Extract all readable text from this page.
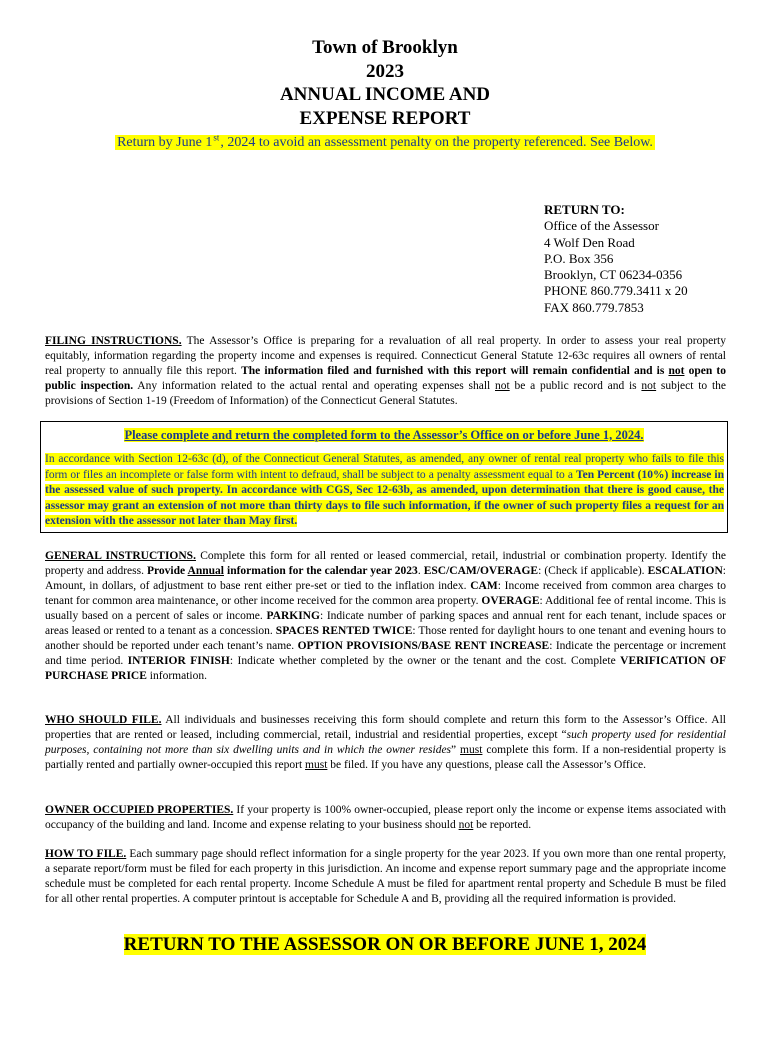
Town of Brooklyn
2023
ANNUAL INCOME AND
EXPENSE REPORT
Return by June 1st, 2024 to avoid an assessment penalty on the property referenced. See Below.
RETURN TO:
Office of the Assessor
4 Wolf Den Road
P.O. Box 356
Brooklyn, CT 06234-0356
PHONE 860.779.3411 x 20
FAX 860.779.7853
FILING INSTRUCTIONS. The Assessor’s Office is preparing for a revaluation of all real property. In order to assess your real property equitably, information regarding the property income and expenses is required. Connecticut General Statute 12-63c requires all owners of rental real property to annually file this report. The information filed and furnished with this report will remain confidential and is not open to public inspection. Any information related to the actual rental and operating expenses shall not be a public record and is not subject to the provisions of Section 1-19 (Freedom of Information) of the Connecticut General Statutes.
Please complete and return the completed form to the Assessor’s Office on or before June 1, 2024.
In accordance with Section 12-63c (d), of the Connecticut General Statutes, as amended, any owner of rental real property who fails to file this form or files an incomplete or false form with intent to defraud, shall be subject to a penalty assessment equal to a Ten Percent (10%) increase in the assessed value of such property. In accordance with CGS, Sec 12-63b, as amended, upon determination that there is good cause, the assessor may grant an extension of not more than thirty days to file such information, if the owner of such property files a request for an extension with the assessor not later than May first.
GENERAL INSTRUCTIONS. Complete this form for all rented or leased commercial, retail, industrial or combination property. Identify the property and address. Provide Annual information for the calendar year 2023. ESC/CAM/OVERAGE: (Check if applicable). ESCALATION: Amount, in dollars, of adjustment to base rent either pre-set or tied to the inflation index. CAM: Income received from common area charges to tenant for common area maintenance, or other income received for the common area property. OVERAGE: Additional fee of rental income. This is usually based on a percent of sales or income. PARKING: Indicate number of parking spaces and annual rent for each tenant, include spaces or areas leased or rented to a tenant as a concession. SPACES RENTED TWICE: Those rented for daylight hours to one tenant and evening hours to another should be reported under each tenant’s name. OPTION PROVISIONS/BASE RENT INCREASE: Indicate the percentage or increment and time period. INTERIOR FINISH: Indicate whether completed by the owner or the tenant and the cost. Complete VERIFICATION OF PURCHASE PRICE information.
WHO SHOULD FILE. All individuals and businesses receiving this form should complete and return this form to the Assessor’s Office. All properties that are rented or leased, including commercial, retail, industrial and residential properties, except “such property used for residential purposes, containing not more than six dwelling units and in which the owner resides” must complete this form. If a non-residential property is partially rented and partially owner-occupied this report must be filed. If you have any questions, please call the Assessor’s Office.
OWNER OCCUPIED PROPERTIES. If your property is 100% owner-occupied, please report only the income or expense items associated with occupancy of the building and land. Income and expense relating to your business should not be reported.
HOW TO FILE. Each summary page should reflect information for a single property for the year 2023. If you own more than one rental property, a separate report/form must be filed for each property in this jurisdiction. An income and expense report summary page and the appropriate income schedule must be completed for each rental property. Income Schedule A must be filed for apartment rental property and Schedule B must be filed for all other rental properties. A computer printout is acceptable for Schedule A and B, providing all the required information is provided.
RETURN TO THE ASSESSOR ON OR BEFORE JUNE 1, 2024
